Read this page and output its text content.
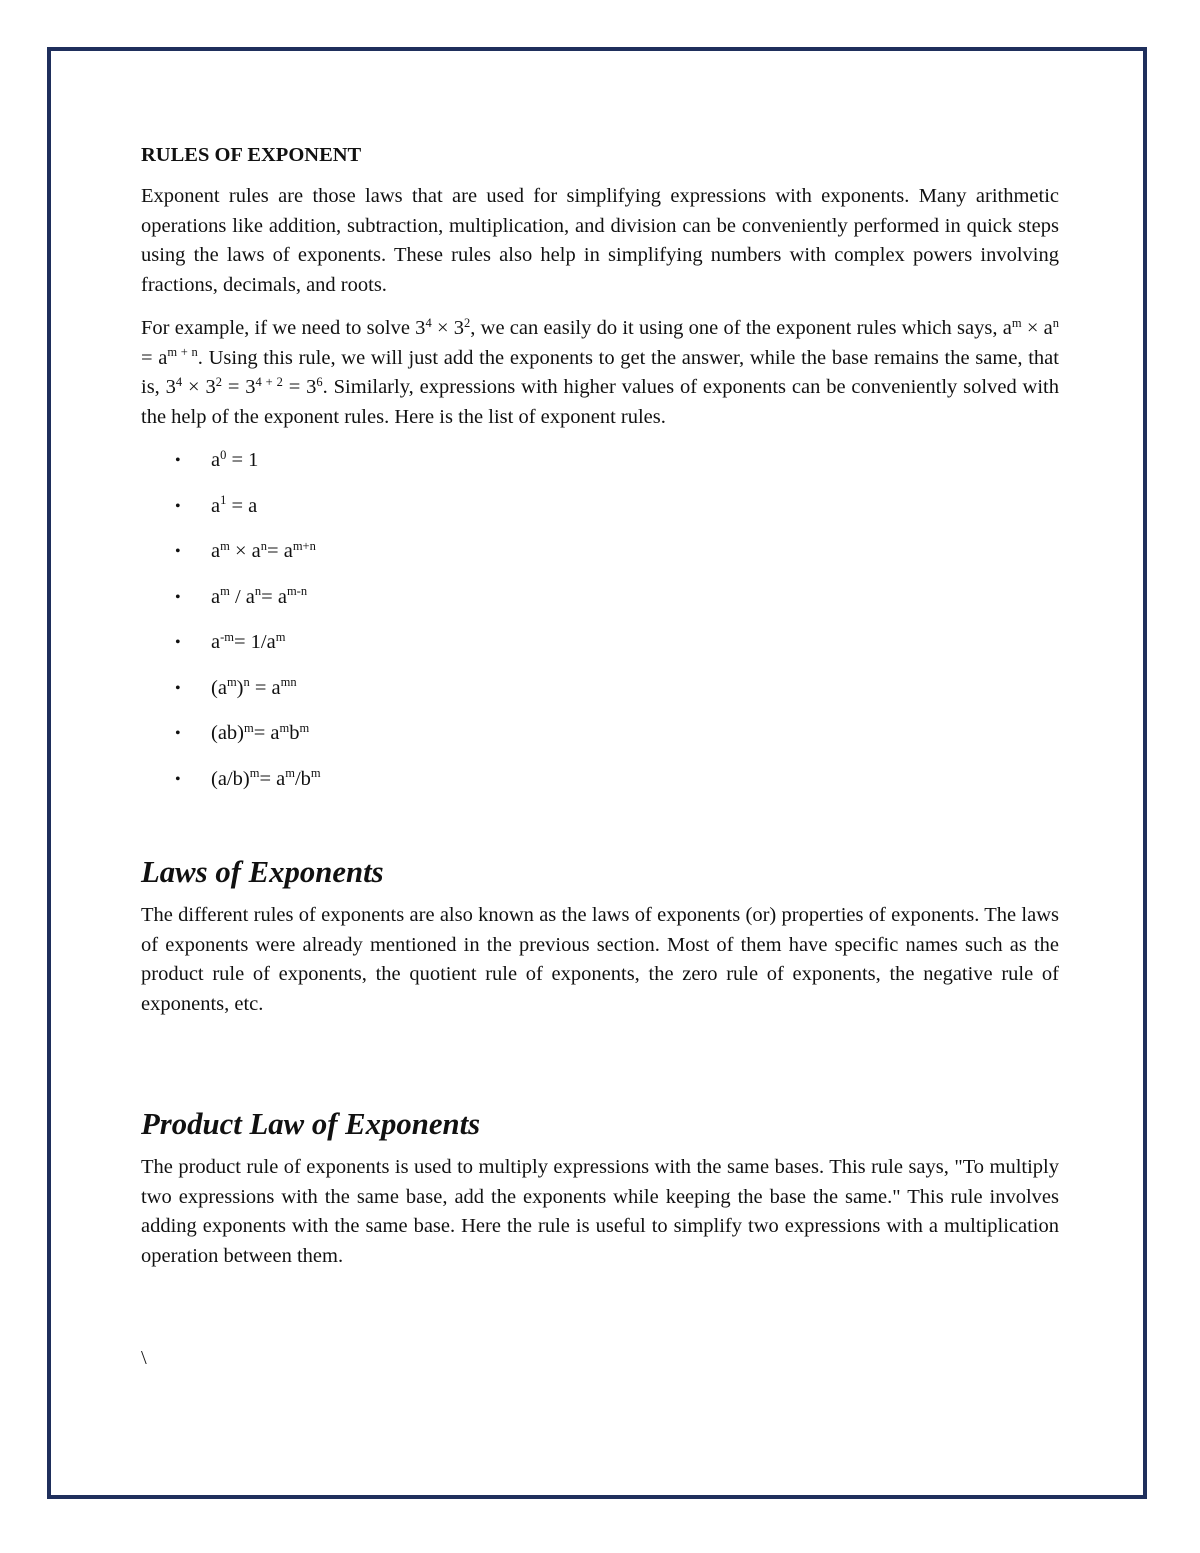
RULES OF EXPONENT

Exponent rules are those laws that are used for simplifying expressions with exponents. Many arithmetic operations like addition, subtraction, multiplication, and division can be conveniently performed in quick steps using the laws of exponents. These rules also help in simplifying numbers with complex powers involving fractions, decimals, and roots.

For example, if we need to solve $3^4 \times 3^2$, we can easily do it using one of the exponent rules which says, $a^m \times a^n = a^{m + n}$. Using this rule, we will just add the exponents to get the answer, while the base remains the same, that is, $3^4 \times 3^2 = 3^{4 + 2} = 3^6$. Similarly, expressions with higher values of exponents can be conveniently solved with the help of the exponent rules. Here is the list of exponent rules.

• $a^0 = 1$
• $a^1 = a$
• $a^m \times a^n= a^{m+n}$
• $a^m / a^n= a^{m-n}$
• $a^{-m}= 1/a^m$
• $(a^m)^n = a^{mn}$
• $(ab)^m= a^mb^m$
• $(a/b)^m= a^m/b^m$
Laws of Exponents

The different rules of exponents are also known as the laws of exponents (or) properties of exponents. The laws of exponents were already mentioned in the previous section. Most of them have specific names such as the product rule of exponents, the quotient rule of exponents, the zero rule of exponents, the negative rule of exponents, etc.

Product Law of Exponents

The product rule of exponents is used to multiply expressions with the same bases. This rule says, "To multiply two expressions with the same base, add the exponents while keeping the base the same." This rule involves adding exponents with the same base. Here the rule is useful to simplify two expressions with a multiplication operation between them.

\
